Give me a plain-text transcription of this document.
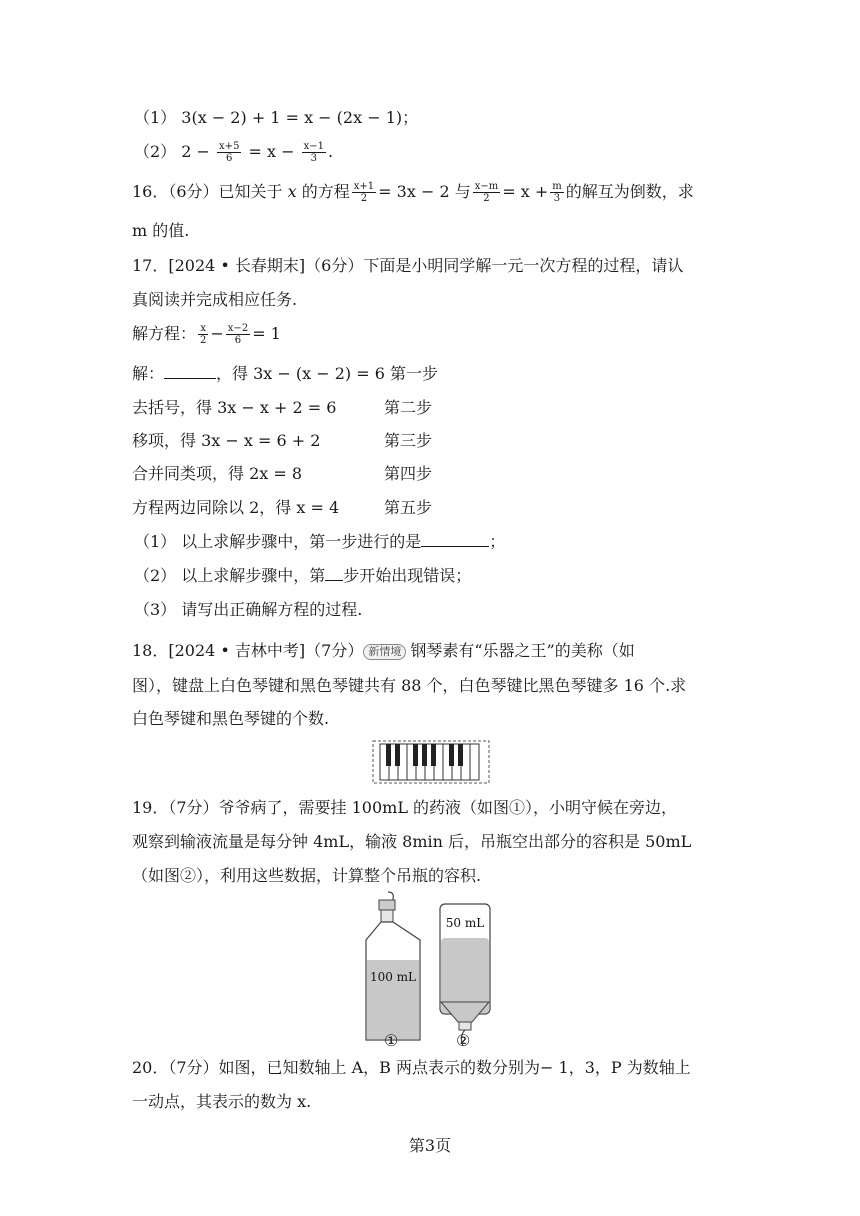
（1） 3(x − 2) + 1 = x − (2x − 1)；
（2） $2 - \frac{x+5}{6} = x - \frac{x-1}{3}$ .
16．（6分）已知关于 x 的方程 $\frac{x+1}{2} = 3x - 2$ 与 $\frac{x-m}{2} = x + \frac{m}{3}$ 的解互为倒数，求
m 的值.
17．[2024 • 长春期末]（6分）下面是小明同学解一元一次方程的过程，请认
真阅读并完成相应任务.
解方程： $\frac{x}{2} - \frac{x-2}{6} = 1$
解：	，得 3x − (x − 2) = 6 第一步
去括号，得 3x − x + 2 = 6	第二步
移项，得 3x − x = 6 + 2	第三步
合并同类项，得 2x = 8	第四步
方程两边同除以 2，得 x = 4	第五步
（1） 以上求解步骤中，第一步进行的是	；
（2） 以上求解步骤中，第 步开始出现错误；
（3） 请写出正确解方程的过程.
18．[2024 • 吉林中考]（7分） 新情境 钢琴素有“乐器之王”的美称（如
图），键盘上白色琴键和黑色琴键共有 88 个，白色琴键比黑色琴键多 16 个.求
白色琴键和黑色琴键的个数.
19．（7分）爷爷病了，需要挂 100mL 的药液（如图①），小明守候在旁边，
观察到输液流量是每分钟 4mL，输液 8min 后，吊瓶空出部分的容积是 50mL
（如图②），利用这些数据，计算整个吊瓶的容积.
100 mL
50 mL
①	②
20．（7分）如图，已知数轴上 A，B 两点表示的数分别为− 1，3，P 为数轴上
一动点，其表示的数为 x.
第3页
